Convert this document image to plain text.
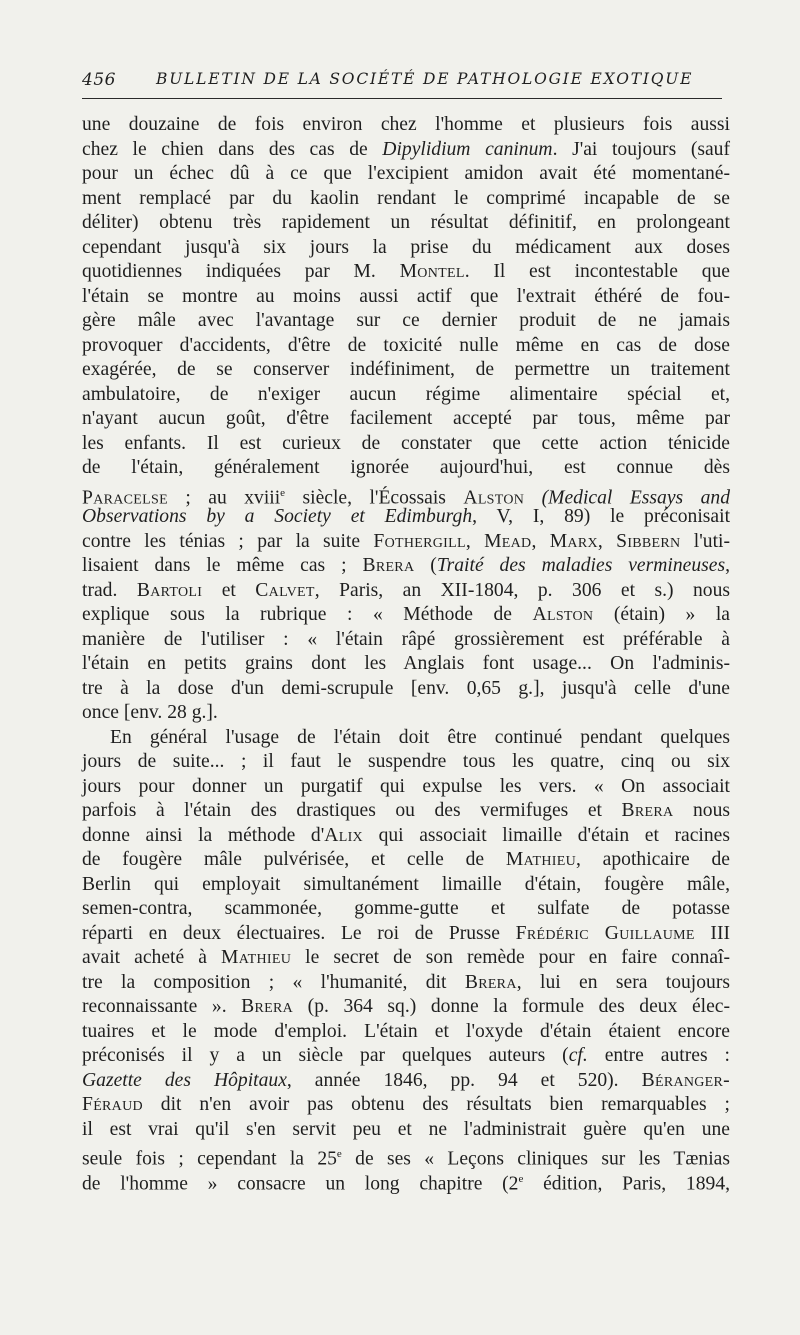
456	BULLETIN DE LA SOCIÉTÉ DE PATHOLOGIE EXOTIQUE
une douzaine de fois environ chez l'homme et plusieurs fois aussi
chez le chien dans des cas de Dipylidium caninum. J'ai toujours (sauf
pour un échec dû à ce que l'excipient amidon avait été momentané-
ment remplacé par du kaolin rendant le comprimé incapable de se
déliter) obtenu très rapidement un résultat définitif, en prolongeant
cependant jusqu'à six jours la prise du médicament aux doses
quotidiennes indiquées par M. Montel. Il est incontestable que
l'étain se montre au moins aussi actif que l'extrait éthéré de fou-
gère mâle avec l'avantage sur ce dernier produit de ne jamais
provoquer d'accidents, d'être de toxicité nulle même en cas de dose
exagérée, de se conserver indéfiniment, de permettre un traitement
ambulatoire, de n'exiger aucun régime alimentaire spécial et,
n'ayant aucun goût, d'être facilement accepté par tous, même par
les enfants. Il est curieux de constater que cette action ténicide
de l'étain, généralement ignorée aujourd'hui, est connue dès
Paracelse ; au xviii$^e$ siècle, l'Écossais Alston (Medical Essays and
Observations by a Society et Edimburgh, V, I, 89) le préconisait
contre les ténias ; par la suite Fothergill, Mead, Marx, Sibbern l'uti-
lisaient dans le même cas ; Brera (Traité des maladies vermineuses,
trad. Bartoli et Calvet, Paris, an XII-1804, p. 306 et s.) nous
explique sous la rubrique : « Méthode de Alston (étain) » la
manière de l'utiliser : « l'étain râpé grossièrement est préférable à
l'étain en petits grains dont les Anglais font usage... On l'adminis-
tre à la dose d'un demi-scrupule [env. 0,65 g.], jusqu'à celle d'une
once [env. 28 g.].
En général l'usage de l'étain doit être continué pendant quelques
jours de suite... ; il faut le suspendre tous les quatre, cinq ou six
jours pour donner un purgatif qui expulse les vers. « On associait
parfois à l'étain des drastiques ou des vermifuges et Brera nous
donne ainsi la méthode d'Alix qui associait limaille d'étain et racines
de fougère mâle pulvérisée, et celle de Mathieu, apothicaire de
Berlin qui employait simultanément limaille d'étain, fougère mâle,
semen-contra, scammonée, gomme-gutte et sulfate de potasse
réparti en deux électuaires. Le roi de Prusse Frédéric Guillaume III
avait acheté à Mathieu le secret de son remède pour en faire connaî-
tre la composition ; « l'humanité, dit Brera, lui en sera toujours
reconnaissante ». Brera (p. 364 sq.) donne la formule des deux élec-
tuaires et le mode d'emploi. L'étain et l'oxyde d'étain étaient encore
préconisés il y a un siècle par quelques auteurs (cf. entre autres :
Gazette des Hôpitaux, année 1846, pp. 94 et 520). Béranger-
Féraud dit n'en avoir pas obtenu des résultats bien remarquables ;
il est vrai qu'il s'en servit peu et ne l'administrait guère qu'en une
seule fois ; cependant la 25e de ses « Leçons cliniques sur les Tænias
de l'homme » consacre un long chapitre (2e édition, Paris, 1894,
